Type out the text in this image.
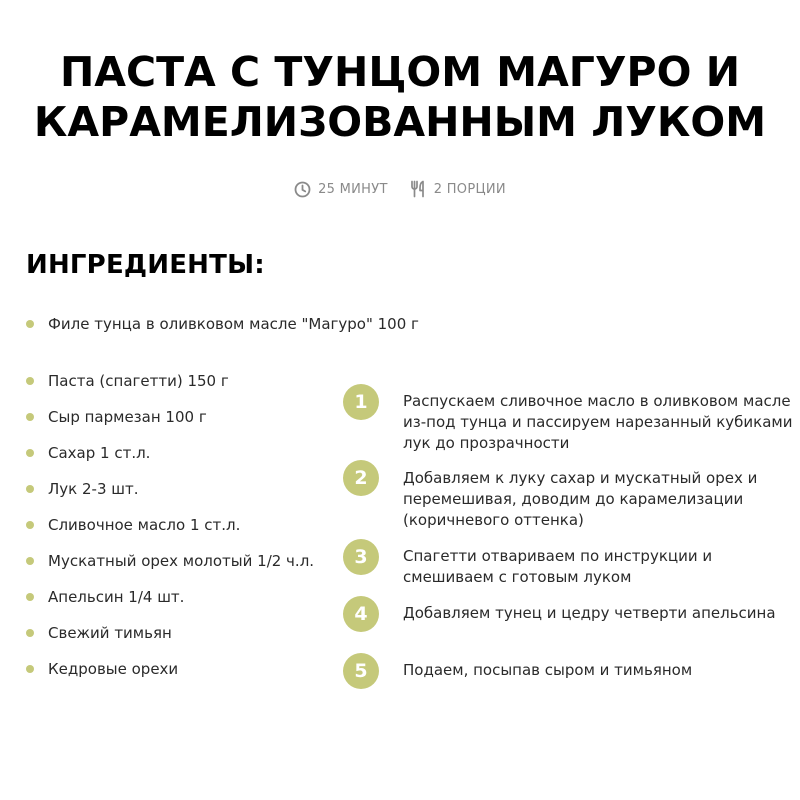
ПАСТА С ТУНЦОМ МАГУРО И
КАРАМЕЛИЗОВАННЫМ ЛУКОМ
25 МИНУТ	2 ПОРЦИИ
ИНГРЕДИЕНТЫ:
Филе тунца в оливковом масле "Магуро" 100 г
Паста (спагетти) 150 г
Сыр пармезан 100 г
Сахар 1 ст.л.
Лук 2-3 шт.
Сливочное масло 1 ст.л.
Мускатный орех молотый 1/2 ч.л.
Апельсин 1/4 шт.
Свежий тимьян
Кедровые орехи
1	Распускаем сливочное масло в оливковом масле из-под тунца и пассируем нарезанный кубиками лук до прозрачности
2	Добавляем к луку сахар и мускатный орех и перемешивая, доводим до карамелизации (коричневого оттенка)
3	Спагетти отвариваем по инструкции и смешиваем с готовым луком
4	Добавляем тунец и цедру четверти апельсина
5	Подаем, посыпав сыром и тимьяном
